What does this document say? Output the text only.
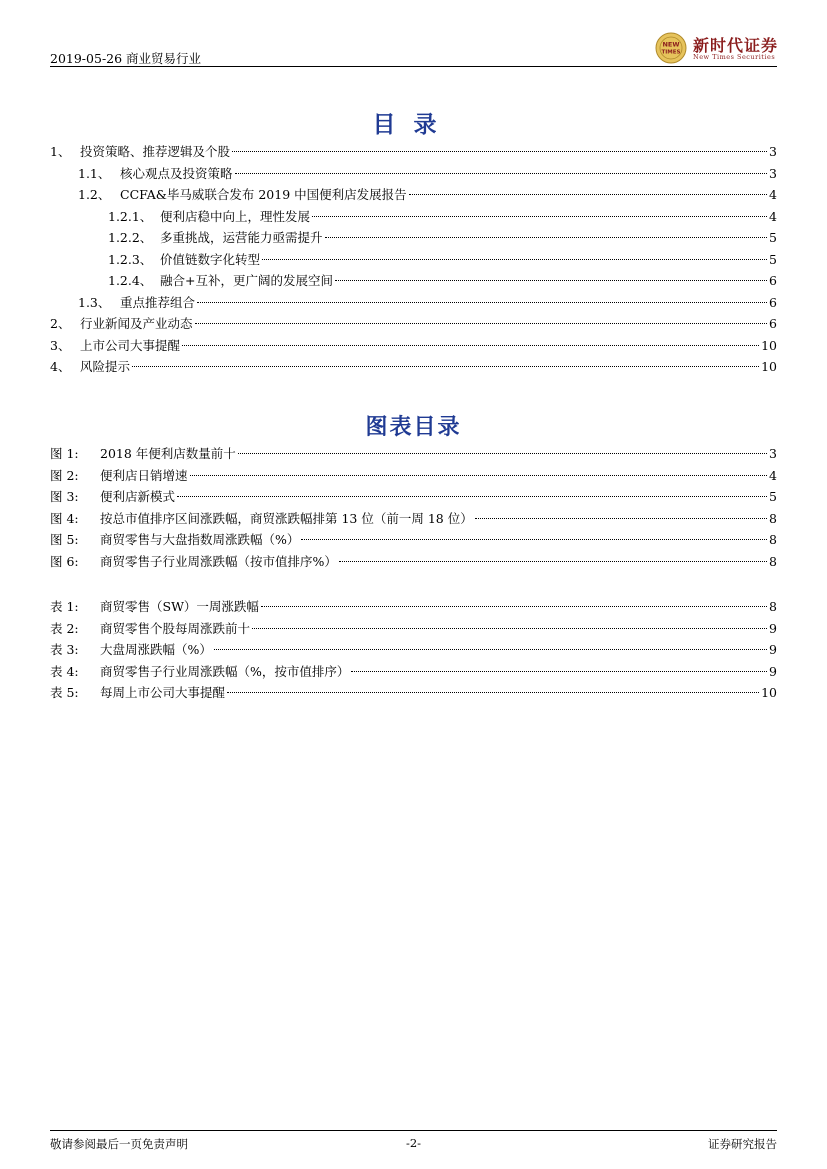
2019-05-26 商业贸易行业
NEW
TIMES 新时代证券
New Times Securities
目录
1、 投资策略、推荐逻辑及个股	3
1.1、 核心观点及投资策略	3
1.2、 CCFA&毕马威联合发布 2019 中国便利店发展报告	4
1.2.1、 便利店稳中向上，理性发展	4
1.2.2、 多重挑战，运营能力亟需提升	5
1.2.3、 价值链数字化转型	5
1.2.4、 融合+互补，更广阔的发展空间	6
1.3、 重点推荐组合	6
2、 行业新闻及产业动态	6
3、 上市公司大事提醒	10
4、 风险提示	10
图表目录
图 1:	2018 年便利店数量前十	3
图 2:	便利店日销增速	4
图 3:	便利店新模式	5
图 4:	按总市值排序区间涨跌幅，商贸涨跌幅排第 13 位（前一周 18 位）	8
图 5:	商贸零售与大盘指数周涨跌幅（%）	8
图 6:	商贸零售子行业周涨跌幅（按市值排序%）	8
表 1:	商贸零售（SW）一周涨跌幅	8
表 2:	商贸零售个股每周涨跌前十	9
表 3:	大盘周涨跌幅（%）	9
表 4:	商贸零售子行业周涨跌幅（%，按市值排序）	9
表 5:	每周上市公司大事提醒	10
敬请参阅最后一页免责声明	-2-	证券研究报告
